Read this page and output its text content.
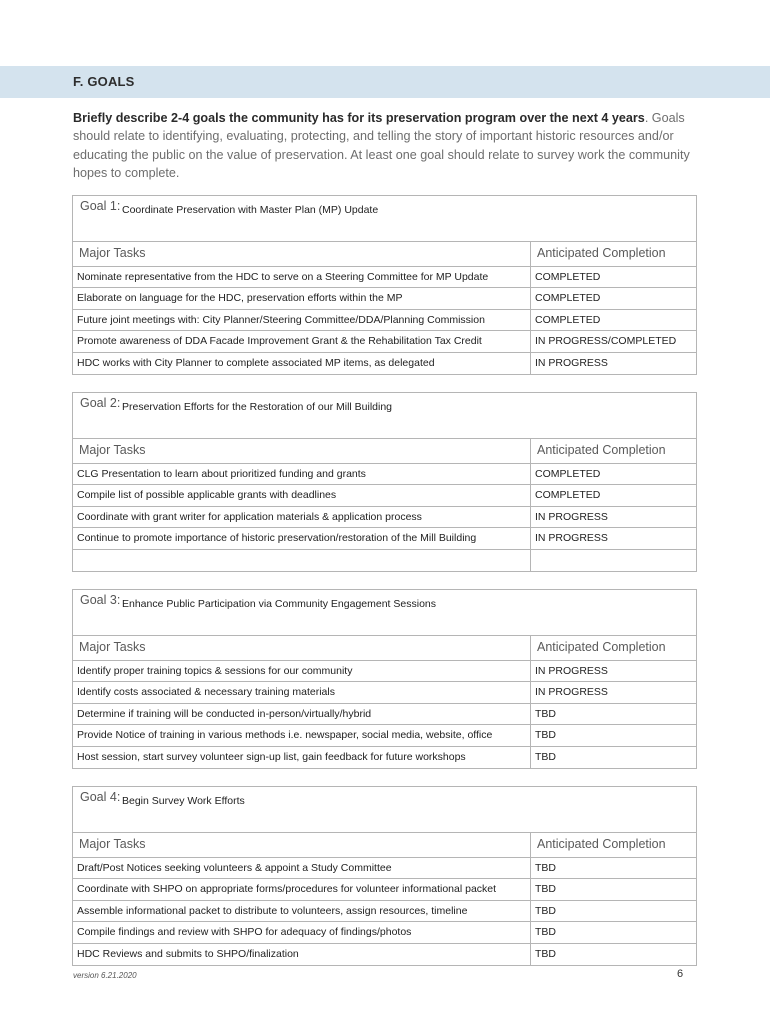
F. GOALS
Briefly describe 2-4 goals the community has for its preservation program over the next 4 years. Goals should relate to identifying, evaluating, protecting, and telling the story of important historic resources and/or educating the public on the value of preservation. At least one goal should relate to survey work the community hopes to complete.
Goal 1: Coordinate Preservation with Master Plan (MP) Update
Major Tasks	Anticipated Completion
Nominate representative from the HDC to serve on a Steering Committee for MP Update	COMPLETED
Elaborate on language for the HDC, preservation efforts within the MP	COMPLETED
Future joint meetings with: City Planner/Steering Committee/DDA/Planning Commission	COMPLETED
Promote awareness of DDA Facade Improvement Grant & the Rehabilitation Tax Credit	IN PROGRESS/COMPLETED
HDC works with City Planner to complete associated MP items, as delegated	IN PROGRESS
Goal 2: Preservation Efforts for the Restoration of our Mill Building
Major Tasks	Anticipated Completion
CLG Presentation to learn about prioritized funding and grants	COMPLETED
Compile list of possible applicable grants with deadlines	COMPLETED
Coordinate with grant writer for application materials & application process	IN PROGRESS
Continue to promote importance of historic preservation/restoration of the Mill Building	IN PROGRESS
Goal 3: Enhance Public Participation via Community Engagement Sessions
Major Tasks	Anticipated Completion
Identify proper training topics & sessions for our community	IN PROGRESS
Identify costs associated & necessary training materials	IN PROGRESS
Determine if training will be conducted in-person/virtually/hybrid	TBD
Provide Notice of training in various methods i.e. newspaper, social media, website, office	TBD
Host session, start survey volunteer sign-up list, gain feedback for future workshops	TBD
Goal 4: Begin Survey Work Efforts
Major Tasks	Anticipated Completion
Draft/Post Notices seeking volunteers & appoint a Study Committee	TBD
Coordinate with SHPO on appropriate forms/procedures for volunteer informational packet	TBD
Assemble informational packet to distribute to volunteers, assign resources, timeline	TBD
Compile findings and review with SHPO for adequacy of findings/photos	TBD
HDC Reviews and submits to SHPO/finalization	TBD
version 6.21.2020	6
